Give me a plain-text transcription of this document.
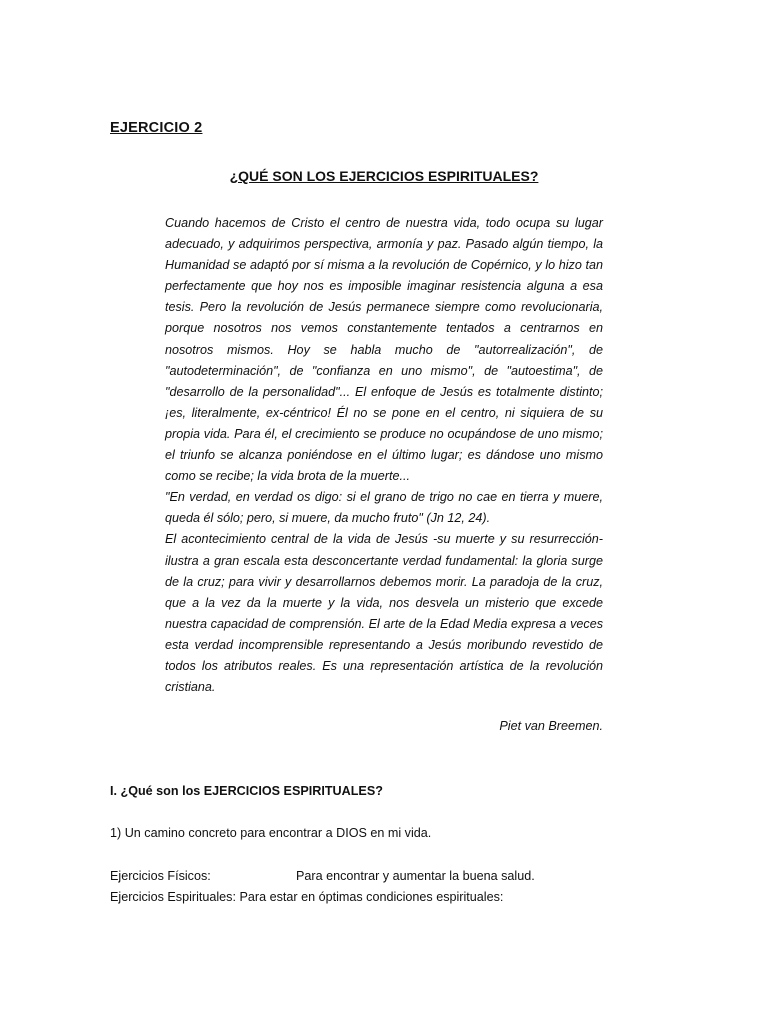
EJERCICIO 2
¿QUÉ SON LOS EJERCICIOS ESPIRITUALES?

Cuando hacemos de Cristo el centro de nuestra vida, todo ocupa su lugar adecuado, y adquirimos perspectiva, armonía y paz. Pasado algún tiempo, la Humanidad se adaptó por sí misma a la revolución de Copérnico, y lo hizo tan perfectamente que hoy nos es imposible imaginar resistencia alguna a esa tesis. Pero la revolución de Jesús permanece siempre como revolucionaria, porque nosotros nos vemos constantemente tentados a centrarnos en nosotros mismos. Hoy se habla mucho de "autorrealización", de "autodeterminación", de "confianza en uno mismo", de "autoestima", de "desarrollo de la personalidad"... El enfoque de Jesús es totalmente distinto; ¡es, literalmente, ex-céntrico! Él no se pone en el centro, ni siquiera de su propia vida. Para él, el crecimiento se produce no ocupándose de uno mismo; el triunfo se alcanza poniéndose en el último lugar; es dándose uno mismo como se recibe; la vida brota de la muerte...

"En verdad, en verdad os digo: si el grano de trigo no cae en tierra y muere, queda él sólo; pero, si muere, da mucho fruto" (Jn 12, 24).

El acontecimiento central de la vida de Jesús -su muerte y su resurrección- ilustra a gran escala esta desconcertante verdad fundamental: la gloria surge de la cruz; para vivir y desarrollarnos debemos morir. La paradoja de la cruz, que a la vez da la muerte y la vida, nos desvela un misterio que excede nuestra capacidad de comprensión. El arte de la Edad Media expresa a veces esta verdad incomprensible representando a Jesús moribundo revestido de todos los atributos reales. Es una representación artística de la revolución cristiana.

Piet van Breemen.
I. ¿Qué son los EJERCICIOS ESPIRITUALES?
1) Un camino concreto para encontrar a DIOS en mi vida.
Ejercicios Físicos:	Para encontrar y aumentar la buena salud.
Ejercicios Espirituales: Para estar en óptimas condiciones espirituales:
